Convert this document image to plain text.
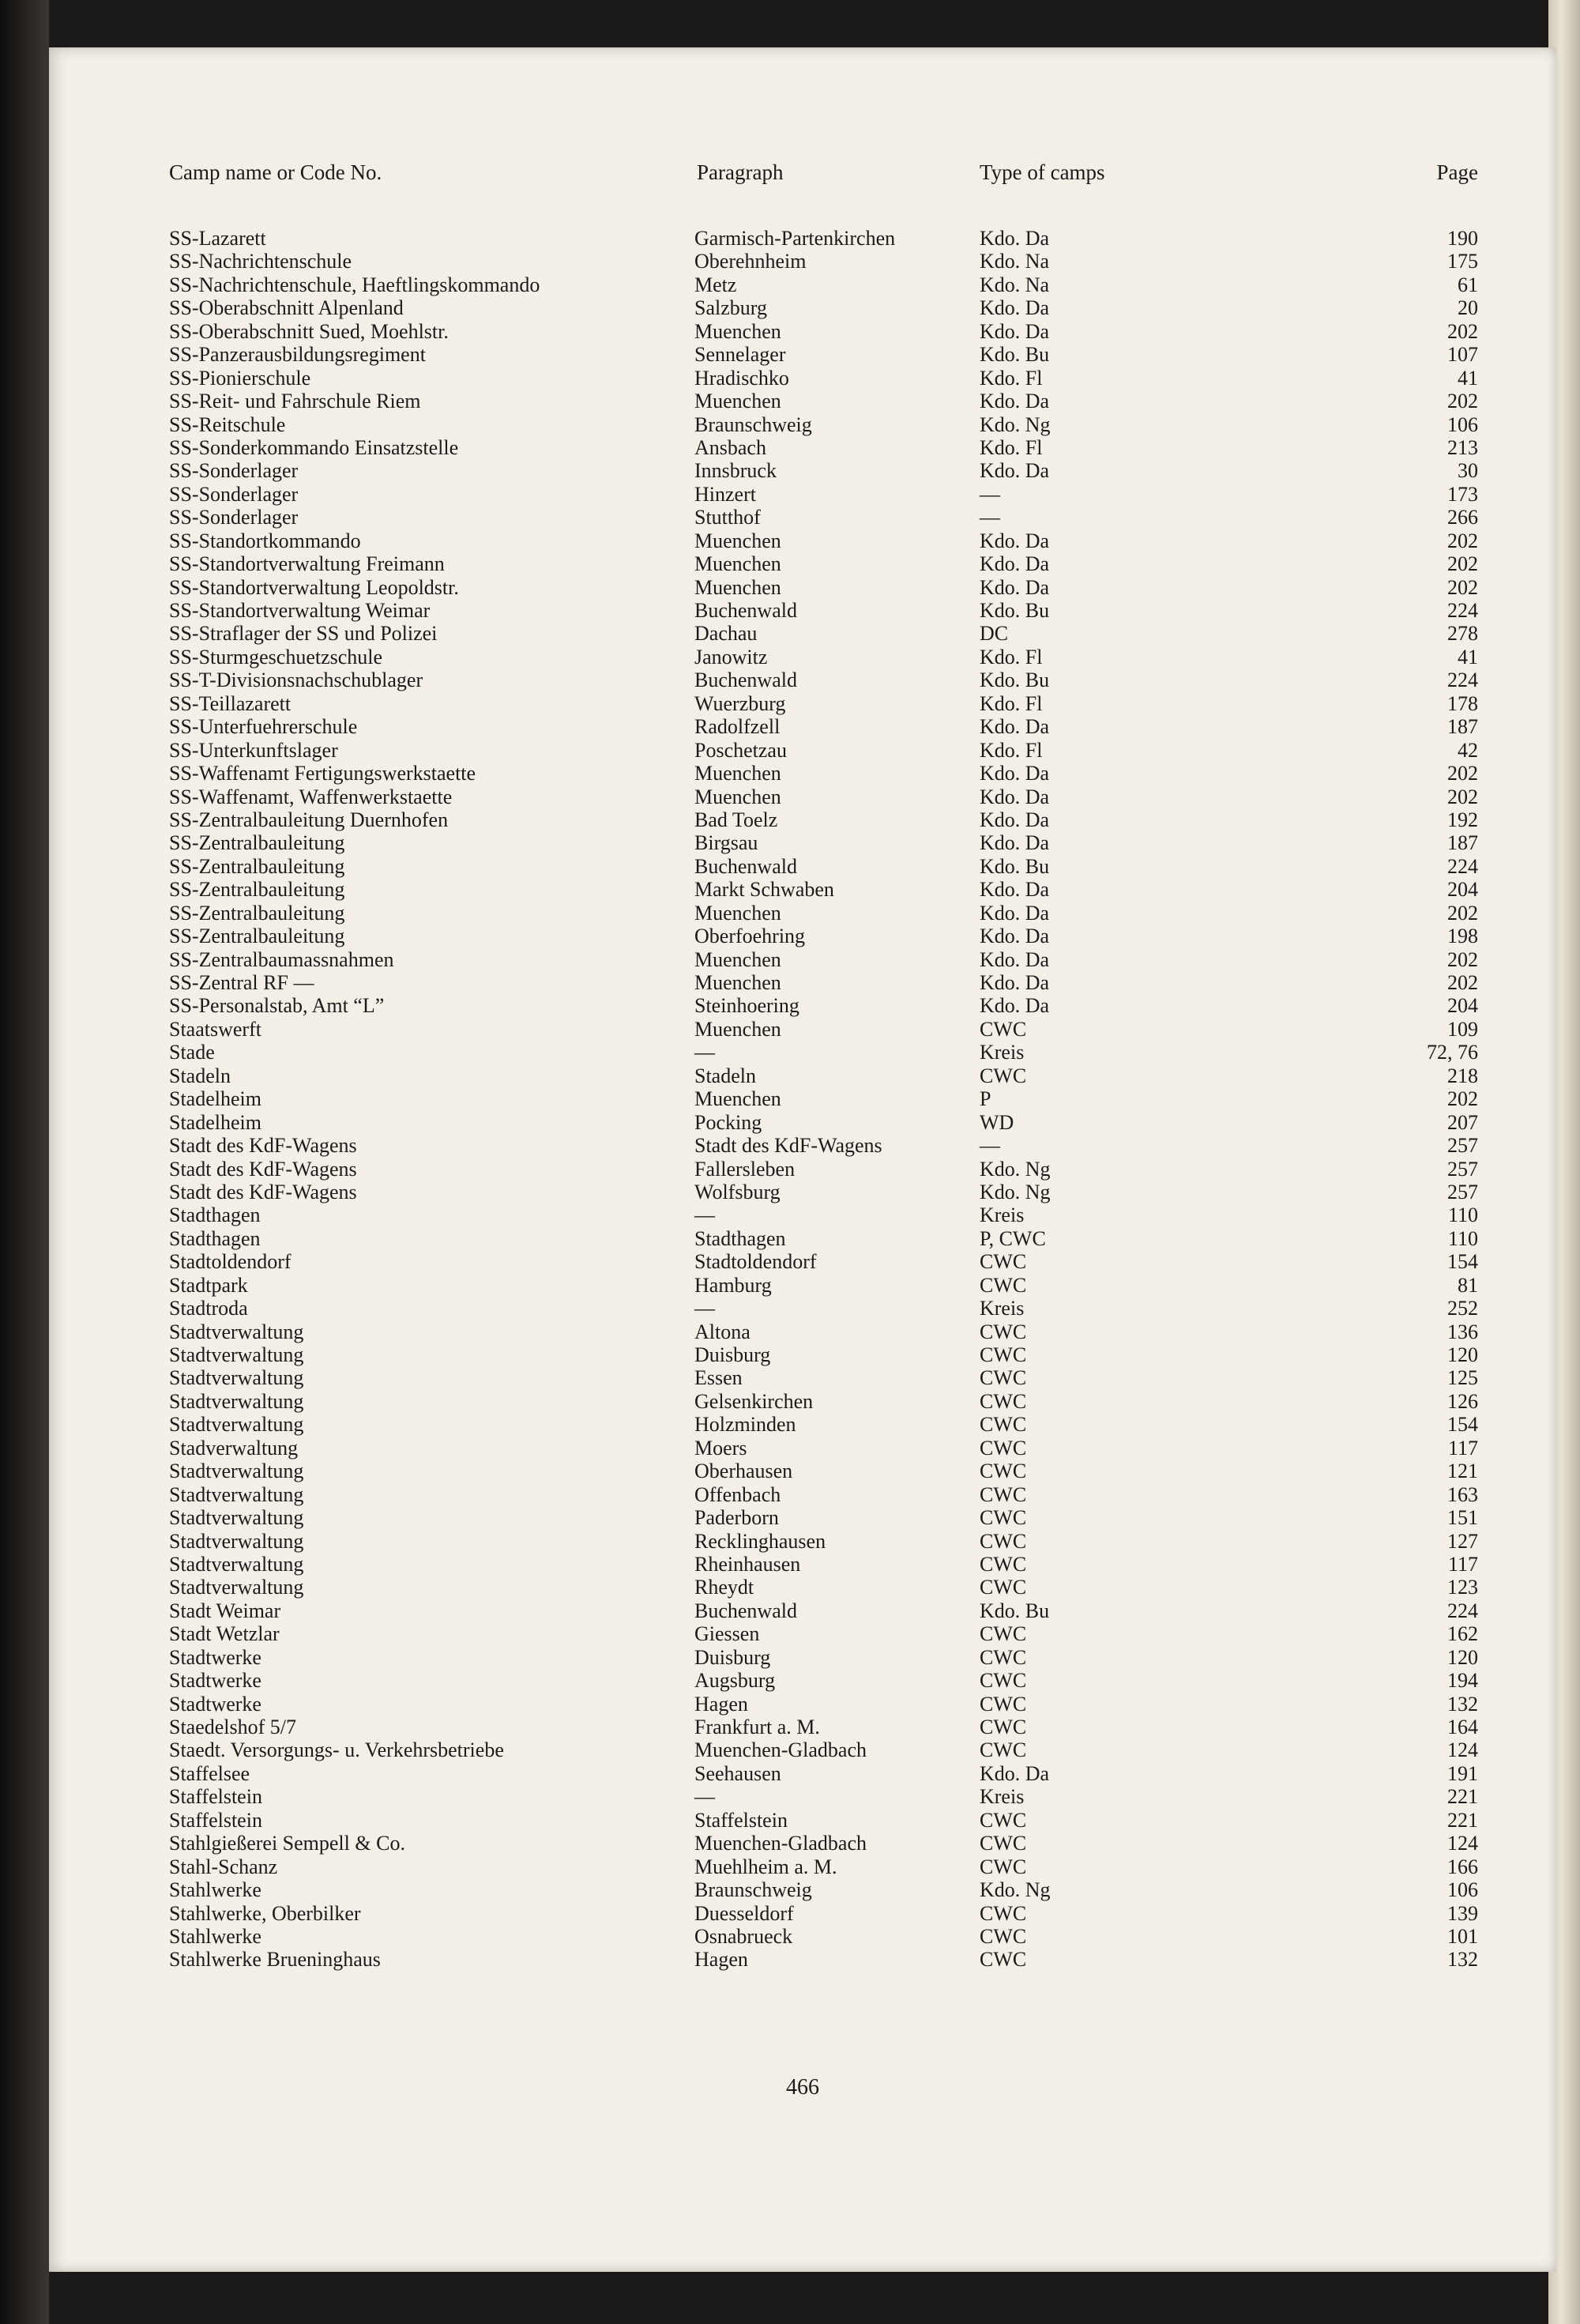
Camp name or Code No.	Paragraph	Type of camps	Page
SS-Lazarett	Garmisch-Partenkirchen	Kdo. Da	190
SS-Nachrichtenschule	Oberehnheim	Kdo. Na	175
SS-Nachrichtenschule, Haeftlingskommando	Metz	Kdo. Na	61
SS-Oberabschnitt Alpenland	Salzburg	Kdo. Da	20
SS-Oberabschnitt Sued, Moehlstr.	Muenchen	Kdo. Da	202
SS-Panzerausbildungsregiment	Sennelager	Kdo. Bu	107
SS-Pionierschule	Hradischko	Kdo. Fl	41
SS-Reit- und Fahrschule Riem	Muenchen	Kdo. Da	202
SS-Reitschule	Braunschweig	Kdo. Ng	106
SS-Sonderkommando Einsatzstelle	Ansbach	Kdo. Fl	213
SS-Sonderlager	Innsbruck	Kdo. Da	30
SS-Sonderlager	Hinzert	—	173
SS-Sonderlager	Stutthof	—	266
SS-Standortkommando	Muenchen	Kdo. Da	202
SS-Standortverwaltung Freimann	Muenchen	Kdo. Da	202
SS-Standortverwaltung Leopoldstr.	Muenchen	Kdo. Da	202
SS-Standortverwaltung Weimar	Buchenwald	Kdo. Bu	224
SS-Straflager der SS und Polizei	Dachau	DC	278
SS-Sturmgeschuetzschule	Janowitz	Kdo. Fl	41
SS-T-Divisionsnachschublager	Buchenwald	Kdo. Bu	224
SS-Teillazarett	Wuerzburg	Kdo. Fl	178
SS-Unterfuehrerschule	Radolfzell	Kdo. Da	187
SS-Unterkunftslager	Poschetzau	Kdo. Fl	42
SS-Waffenamt Fertigungswerkstaette	Muenchen	Kdo. Da	202
SS-Waffenamt, Waffenwerkstaette	Muenchen	Kdo. Da	202
SS-Zentralbauleitung Duernhofen	Bad Toelz	Kdo. Da	192
SS-Zentralbauleitung	Birgsau	Kdo. Da	187
SS-Zentralbauleitung	Buchenwald	Kdo. Bu	224
SS-Zentralbauleitung	Markt Schwaben	Kdo. Da	204
SS-Zentralbauleitung	Muenchen	Kdo. Da	202
SS-Zentralbauleitung	Oberfoehring	Kdo. Da	198
SS-Zentralbaumassnahmen	Muenchen	Kdo. Da	202
SS-Zentral RF —	Muenchen	Kdo. Da	202
SS-Personalstab, Amt “L”	Steinhoering	Kdo. Da	204
Staatswerft	Muenchen	CWC	109
Stade	—	Kreis	72, 76
Stadeln	Stadeln	CWC	218
Stadelheim	Muenchen	P	202
Stadelheim	Pocking	WD	207
Stadt des KdF-Wagens	Stadt des KdF-Wagens	—	257
Stadt des KdF-Wagens	Fallersleben	Kdo. Ng	257
Stadt des KdF-Wagens	Wolfsburg	Kdo. Ng	257
Stadthagen	—	Kreis	110
Stadthagen	Stadthagen	P, CWC	110
Stadtoldendorf	Stadtoldendorf	CWC	154
Stadtpark	Hamburg	CWC	81
Stadtroda	—	Kreis	252
Stadtverwaltung	Altona	CWC	136
Stadtverwaltung	Duisburg	CWC	120
Stadtverwaltung	Essen	CWC	125
Stadtverwaltung	Gelsenkirchen	CWC	126
Stadtverwaltung	Holzminden	CWC	154
Stadverwaltung	Moers	CWC	117
Stadtverwaltung	Oberhausen	CWC	121
Stadtverwaltung	Offenbach	CWC	163
Stadtverwaltung	Paderborn	CWC	151
Stadtverwaltung	Recklinghausen	CWC	127
Stadtverwaltung	Rheinhausen	CWC	117
Stadtverwaltung	Rheydt	CWC	123
Stadt Weimar	Buchenwald	Kdo. Bu	224
Stadt Wetzlar	Giessen	CWC	162
Stadtwerke	Duisburg	CWC	120
Stadtwerke	Augsburg	CWC	194
Stadtwerke	Hagen	CWC	132
Staedelshof 5/7	Frankfurt a. M.	CWC	164
Staedt. Versorgungs- u. Verkehrsbetriebe	Muenchen-Gladbach	CWC	124
Staffelsee	Seehausen	Kdo. Da	191
Staffelstein	—	Kreis	221
Staffelstein	Staffelstein	CWC	221
Stahlgießerei Sempell & Co.	Muenchen-Gladbach	CWC	124
Stahl-Schanz	Muehlheim a. M.	CWC	166
Stahlwerke	Braunschweig	Kdo. Ng	106
Stahlwerke, Oberbilker	Duesseldorf	CWC	139
Stahlwerke	Osnabrueck	CWC	101
Stahlwerke Brueninghaus	Hagen	CWC	132
466
